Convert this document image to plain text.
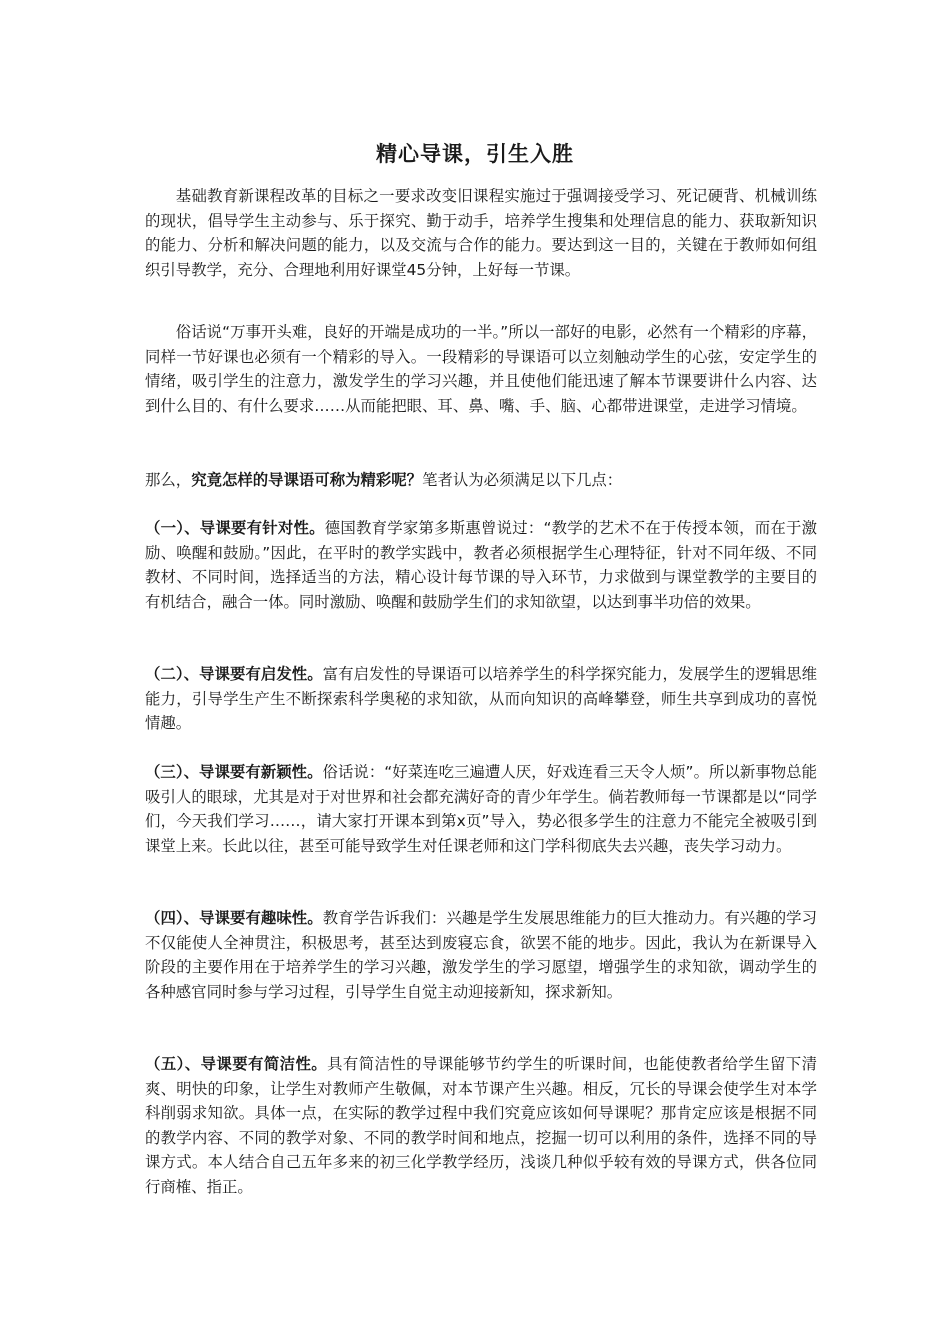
精心导课，引生入胜

基础教育新课程改革的目标之一要求改变旧课程实施过于强调接受学习、死记硬背、机械训练的现状，倡导学生主动参与、乐于探究、勤于动手，培养学生搜集和处理信息的能力、获取新知识的能力、分析和解决问题的能力，以及交流与合作的能力。要达到这一目的，关键在于教师如何组织引导教学，充分、合理地利用好课堂45分钟，上好每一节课。

俗话说“万事开头难，良好的开端是成功的一半。”所以一部好的电影，必然有一个精彩的序幕，同样一节好课也必须有一个精彩的导入。一段精彩的导课语可以立刻触动学生的心弦，安定学生的情绪，吸引学生的注意力，激发学生的学习兴趣，并且使他们能迅速了解本节课要讲什么内容、达到什么目的、有什么要求……从而能把眼、耳、鼻、嘴、手、脑、心都带进课堂，走进学习情境。

那么，究竟怎样的导课语可称为精彩呢？笔者认为必须满足以下几点：

（一）、导课要有针对性。德国教育学家第多斯惠曾说过：“教学的艺术不在于传授本领，而在于激励、唤醒和鼓励。”因此，在平时的教学实践中，教者必须根据学生心理特征，针对不同年级、不同教材、不同时间，选择适当的方法，精心设计每节课的导入环节，力求做到与课堂教学的主要目的有机结合，融合一体。同时激励、唤醒和鼓励学生们的求知欲望，以达到事半功倍的效果。

（二）、导课要有启发性。富有启发性的导课语可以培养学生的科学探究能力，发展学生的逻辑思维能力，引导学生产生不断探索科学奥秘的求知欲，从而向知识的高峰攀登，师生共享到成功的喜悦情趣。

（三）、导课要有新颖性。俗话说：“好菜连吃三遍遭人厌，好戏连看三天令人烦”。所以新事物总能吸引人的眼球，尤其是对于对世界和社会都充满好奇的青少年学生。倘若教师每一节课都是以“同学们，今天我们学习……，请大家打开课本到第x页”导入，势必很多学生的注意力不能完全被吸引到课堂上来。长此以往，甚至可能导致学生对任课老师和这门学科彻底失去兴趣，丧失学习动力。

（四）、导课要有趣味性。教育学告诉我们：兴趣是学生发展思维能力的巨大推动力。有兴趣的学习不仅能使人全神贯注，积极思考，甚至达到废寝忘食，欲罢不能的地步。因此，我认为在新课导入阶段的主要作用在于培养学生的学习兴趣，激发学生的学习愿望，增强学生的求知欲，调动学生的各种感官同时参与学习过程，引导学生自觉主动迎接新知，探求新知。

（五）、导课要有简洁性。具有简洁性的导课能够节约学生的听课时间，也能使教者给学生留下清爽、明快的印象，让学生对教师产生敬佩，对本节课产生兴趣。相反，冗长的导课会使学生对本学科削弱求知欲。具体一点，在实际的教学过程中我们究竟应该如何导课呢？那肯定应该是根据不同的教学内容、不同的教学对象、不同的教学时间和地点，挖掘一切可以利用的条件，选择不同的导课方式。本人结合自己五年多来的初三化学教学经历，浅谈几种似乎较有效的导课方式，供各位同行商榷、指正。
